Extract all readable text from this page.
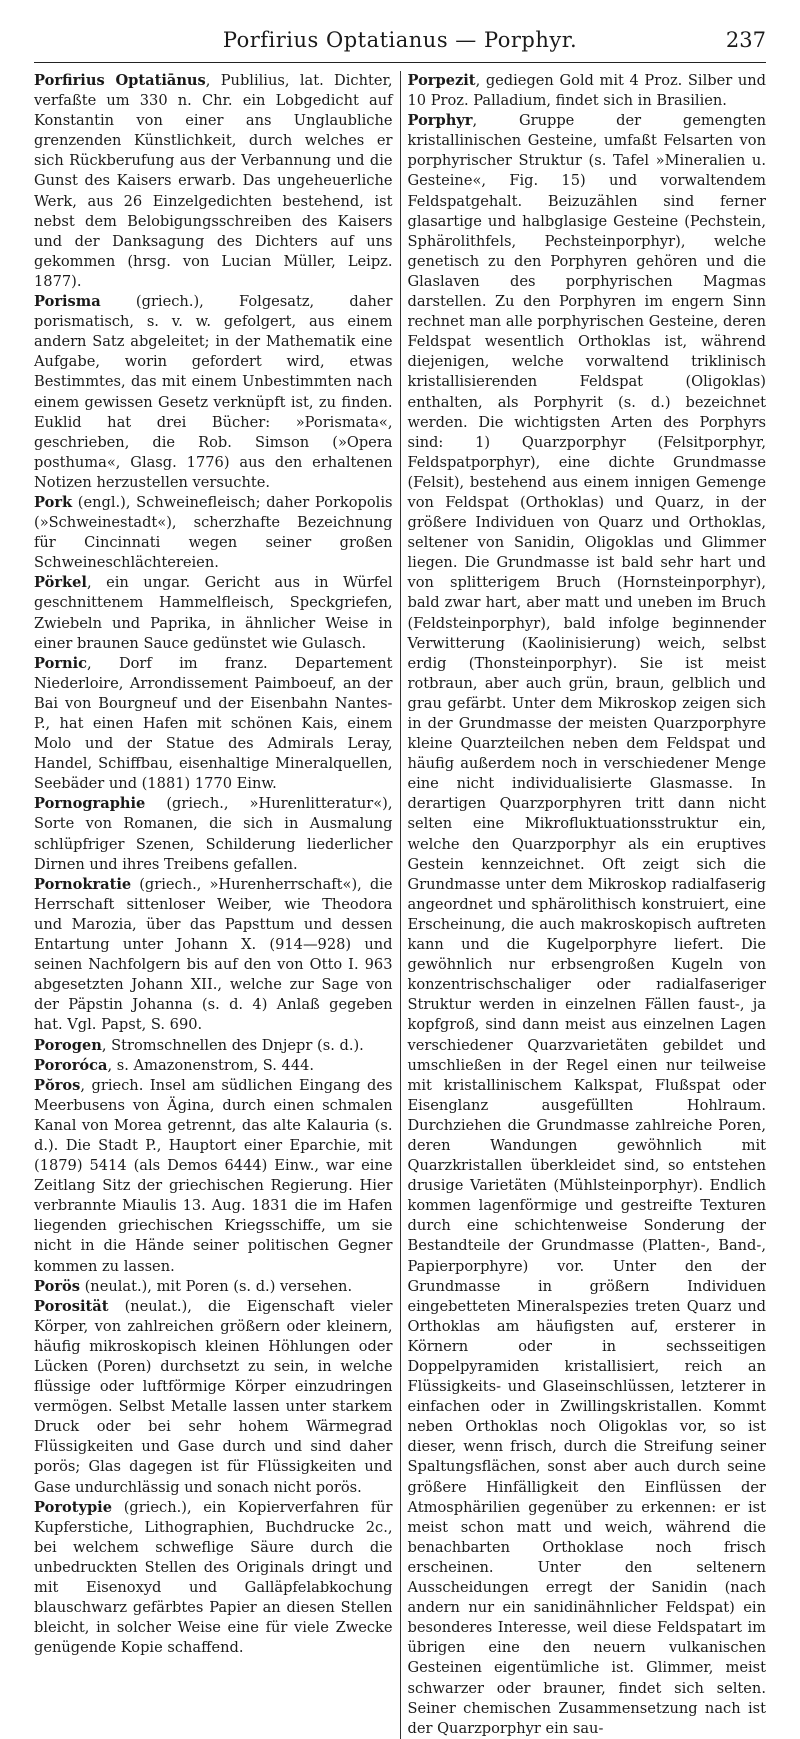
Porfirius Optatianus — Porphyr.	237

Porfirius Optatiānus, Publilius, lat. Dichter, verfaßte um 330 n. Chr. ein Lobgedicht auf Konstantin von einer ans Unglaubliche grenzenden Künstlichkeit, durch welches er sich Rückberufung aus der Verbannung und die Gunst des Kaisers erwarb. Das ungeheuerliche Werk, aus 26 Einzelgedichten bestehend, ist nebst dem Belobigungsschreiben des Kaisers und der Danksagung des Dichters auf uns gekommen (hrsg. von Lucian Müller, Leipz. 1877).

Porisma (griech.), Folgesatz, daher porismatisch, s. v. w. gefolgert, aus einem andern Satz abgeleitet; in der Mathematik eine Aufgabe, worin gefordert wird, etwas Bestimmtes, das mit einem Unbestimmten nach einem gewissen Gesetz verknüpft ist, zu finden. Euklid hat drei Bücher: »Porismata«, geschrieben, die Rob. Simson (»Opera posthuma«, Glasg. 1776) aus den erhaltenen Notizen herzustellen versuchte.

Pork (engl.), Schweinefleisch; daher Porkopolis (»Schweinestadt«), scherzhafte Bezeichnung für Cincinnati wegen seiner großen Schweineschlächtereien.

Pörkel, ein ungar. Gericht aus in Würfel geschnittenem Hammelfleisch, Speckgriefen, Zwiebeln und Paprika, in ähnlicher Weise in einer braunen Sauce gedünstet wie Gulasch.

Pornic, Dorf im franz. Departement Niederloire, Arrondissement Paimboeuf, an der Bai von Bourgneuf und der Eisenbahn Nantes-P., hat einen Hafen mit schönen Kais, einem Molo und der Statue des Admirals Leray, Handel, Schiffbau, eisenhaltige Mineralquellen, Seebäder und (1881) 1770 Einw.

Pornographie (griech., »Hurenlitteratur«), Sorte von Romanen, die sich in Ausmalung schlüpfriger Szenen, Schilderung liederlicher Dirnen und ihres Treibens gefallen.

Pornokratie (griech., »Hurenherrschaft«), die Herrschaft sittenloser Weiber, wie Theodora und Marozia, über das Papsttum und dessen Entartung unter Johann X. (914—928) und seinen Nachfolgern bis auf den von Otto I. 963 abgesetzten Johann XII., welche zur Sage von der Päpstin Johanna (s. d. 4) Anlaß gegeben hat. Vgl. Papst, S. 690.

Porogen, Stromschnellen des Dnjepr (s. d.).

Pororóca, s. Amazonenstrom, S. 444.

Pŏros, griech. Insel am südlichen Eingang des Meerbusens von Ägina, durch einen schmalen Kanal von Morea getrennt, das alte Kalauria (s. d.). Die Stadt P., Hauptort einer Eparchie, mit (1879) 5414 (als Demos 6444) Einw., war eine Zeitlang Sitz der griechischen Regierung. Hier verbrannte Miaulis 13. Aug. 1831 die im Hafen liegenden griechischen Kriegsschiffe, um sie nicht in die Hände seiner politischen Gegner kommen zu lassen.

Porös (neulat.), mit Poren (s. d.) versehen.

Porosität (neulat.), die Eigenschaft vieler Körper, von zahlreichen größern oder kleinern, häufig mikroskopisch kleinen Höhlungen oder Lücken (Poren) durchsetzt zu sein, in welche flüssige oder luftförmige Körper einzudringen vermögen. Selbst Metalle lassen unter starkem Druck oder bei sehr hohem Wärmegrad Flüssigkeiten und Gase durch und sind daher porös; Glas dagegen ist für Flüssigkeiten und Gase undurchlässig und sonach nicht porös.

Porotypie (griech.), ein Kopierverfahren für Kupferstiche, Lithographien, Buchdrucke 2c., bei welchem schweflige Säure durch die unbedruckten Stellen des Originals dringt und mit Eisenoxyd und Galläpfelabkochung blauschwarz gefärbtes Papier an diesen Stellen bleicht, in solcher Weise eine für viele Zwecke genügende Kopie schaffend.

Porpezit, gediegen Gold mit 4 Proz. Silber und 10 Proz. Palladium, findet sich in Brasilien.

Porphyr, Gruppe der gemengten kristallinischen Gesteine, umfaßt Felsarten von porphyrischer Struktur (s. Tafel »Mineralien u. Gesteine«, Fig. 15) und vorwaltendem Feldspatgehalt. Beizuzählen sind ferner glasartige und halbglasige Gesteine (Pechstein, Sphärolithfels, Pechsteinporphyr), welche genetisch zu den Porphyren gehören und die Glaslaven des porphyrischen Magmas darstellen. Zu den Porphyren im engern Sinn rechnet man alle porphyrischen Gesteine, deren Feldspat wesentlich Orthoklas ist, während diejenigen, welche vorwaltend triklinisch kristallisierenden Feldspat (Oligoklas) enthalten, als Porphyrit (s. d.) bezeichnet werden. Die wichtigsten Arten des Porphyrs sind: 1) Quarzporphyr (Felsitporphyr, Feldspatporphyr), eine dichte Grundmasse (Felsit), bestehend aus einem innigen Gemenge von Feldspat (Orthoklas) und Quarz, in der größere Individuen von Quarz und Orthoklas, seltener von Sanidin, Oligoklas und Glimmer liegen. Die Grundmasse ist bald sehr hart und von splitterigem Bruch (Hornsteinporphyr), bald zwar hart, aber matt und uneben im Bruch (Feldsteinporphyr), bald infolge beginnender Verwitterung (Kaolinisierung) weich, selbst erdig (Thonsteinporphyr). Sie ist meist rotbraun, aber auch grün, braun, gelblich und grau gefärbt. Unter dem Mikroskop zeigen sich in der Grundmasse der meisten Quarzporphyre kleine Quarzteilchen neben dem Feldspat und häufig außerdem noch in verschiedener Menge eine nicht individualisierte Glasmasse. In derartigen Quarzporphyren tritt dann nicht selten eine Mikrofluktuationsstruktur ein, welche den Quarzporphyr als ein eruptives Gestein kennzeichnet. Oft zeigt sich die Grundmasse unter dem Mikroskop radialfaserig angeordnet und sphärolithisch konstruiert, eine Erscheinung, die auch makroskopisch auftreten kann und die Kugelporphyre liefert. Die gewöhnlich nur erbsengroßen Kugeln von konzentrischschaliger oder radialfaseriger Struktur werden in einzelnen Fällen faust-, ja kopfgroß, sind dann meist aus einzelnen Lagen verschiedener Quarzvarietäten gebildet und umschließen in der Regel einen nur teilweise mit kristallinischem Kalkspat, Flußspat oder Eisenglanz ausgefüllten Hohlraum. Durchziehen die Grundmasse zahlreiche Poren, deren Wandungen gewöhnlich mit Quarzkristallen überkleidet sind, so entstehen drusige Varietäten (Mühlsteinporphyr). Endlich kommen lagenförmige und gestreifte Texturen durch eine schichtenweise Sonderung der Bestandteile der Grundmasse (Platten-, Band-, Papierporphyre) vor. Unter den der Grundmasse in größern Individuen eingebetteten Mineralspezies treten Quarz und Orthoklas am häufigsten auf, ersterer in Körnern oder in sechsseitigen Doppelpyramiden kristallisiert, reich an Flüssigkeits- und Glaseinschlüssen, letzterer in einfachen oder in Zwillingskristallen. Kommt neben Orthoklas noch Oligoklas vor, so ist dieser, wenn frisch, durch die Streifung seiner Spaltungsflächen, sonst aber auch durch seine größere Hinfälligkeit den Einflüssen der Atmosphärilien gegenüber zu erkennen: er ist meist schon matt und weich, während die benachbarten Orthoklase noch frisch erscheinen. Unter den seltenern Ausscheidungen erregt der Sanidin (nach andern nur ein sanidinähnlicher Feldspat) ein besonderes Interesse, weil diese Feldspatart im übrigen eine den neuern vulkanischen Gesteinen eigentümliche ist. Glimmer, meist schwarzer oder brauner, findet sich selten. Seiner chemischen Zusammensetzung nach ist der Quarzporphyr ein sau-
